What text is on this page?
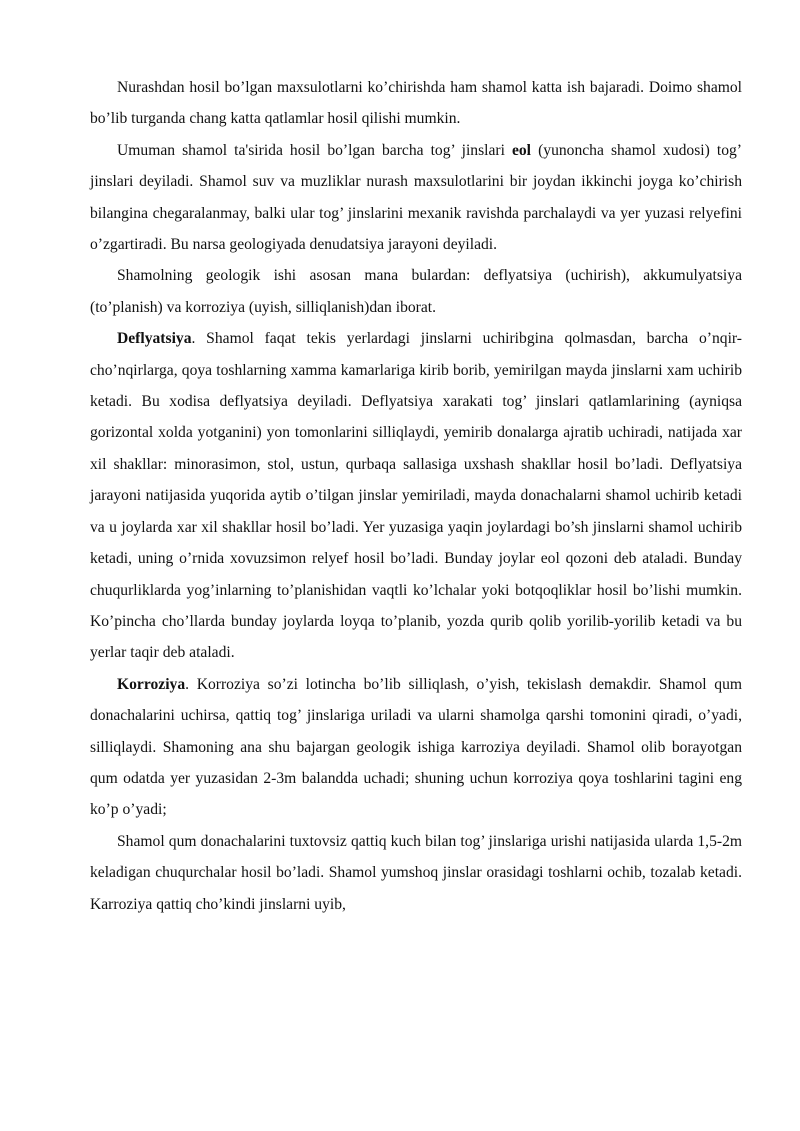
Nurashdan hosil bo’lgan maxsulotlarni ko’chirishda ham shamol katta ish bajaradi. Doimo shamol bo’lib turganda chang katta qatlamlar hosil qilishi mumkin.

Umuman shamol ta'sirida hosil bo’lgan barcha tog’ jinslari eol (yunoncha shamol xudosi) tog’ jinslari deyiladi. Shamol suv va muzliklar nurash maxsulotlarini bir joydan ikkinchi joyga ko’chirish bilangina chegaralanmay, balki ular tog’ jinslarini mexanik ravishda parchalaydi va yer yuzasi relyefini o’zgartiradi. Bu narsa geologiyada denudatsiya jarayoni deyiladi.

Shamolning geologik ishi asosan mana bulardan: deflyatsiya (uchirish), akkumulyatsiya (to’planish) va korroziya (uyish, silliqlanish)dan iborat.

Deflyatsiya. Shamol faqat tekis yerlardagi jinslarni uchiribgina qolmasdan, barcha o’nqir-cho’nqirlarga, qoya toshlarning xamma kamarlariga kirib borib, yemirilgan mayda jinslarni xam uchirib ketadi. Bu xodisa deflyatsiya deyiladi. Deflyatsiya xarakati tog’ jinslari qatlamlarining (ayniqsa gorizontal xolda yotganini) yon tomonlarini silliqlaydi, yemirib donalarga ajratib uchiradi, natijada xar xil shakllar: minorasimon, stol, ustun, qurbaqa sallasiga uxshash shakllar hosil bo’ladi. Deflyatsiya jarayoni natijasida yuqorida aytib o’tilgan jinslar yemiriladi, mayda donachalarni shamol uchirib ketadi va u joylarda xar xil shakllar hosil bo’ladi. Yer yuzasiga yaqin joylardagi bo’sh jinslarni shamol uchirib ketadi, uning o’rnida xovuzsimon relyef hosil bo’ladi. Bunday joylar eol qozoni deb ataladi. Bunday chuqurliklarda yog’inlarning to’planishidan vaqtli ko’lchalar yoki botqoqliklar hosil bo’lishi mumkin. Ko’pincha cho’llarda bunday joylarda loyqa to’planib, yozda qurib qolib yorilib-yorilib ketadi va bu yerlar taqir deb ataladi.

Korroziya. Korroziya so’zi lotincha bo’lib silliqlash, o’yish, tekislash demakdir. Shamol qum donachalarini uchirsa, qattiq tog’ jinslariga uriladi va ularni shamolga qarshi tomonini qiradi, o’yadi, silliqlaydi. Shamoning ana shu bajargan geologik ishiga karroziya deyiladi. Shamol olib borayotgan qum odatda yer yuzasidan 2-3m balandda uchadi; shuning uchun korroziya qoya toshlarini tagini eng ko’p o’yadi;

Shamol qum donachalarini tuxtovsiz qattiq kuch bilan tog’ jinslariga urishi natijasida ularda 1,5-2m keladigan chuqurchalar hosil bo’ladi. Shamol yumshoq jinslar orasidagi toshlarni ochib, tozalab ketadi. Karroziya qattiq cho’kindi jinslarni uyib,
